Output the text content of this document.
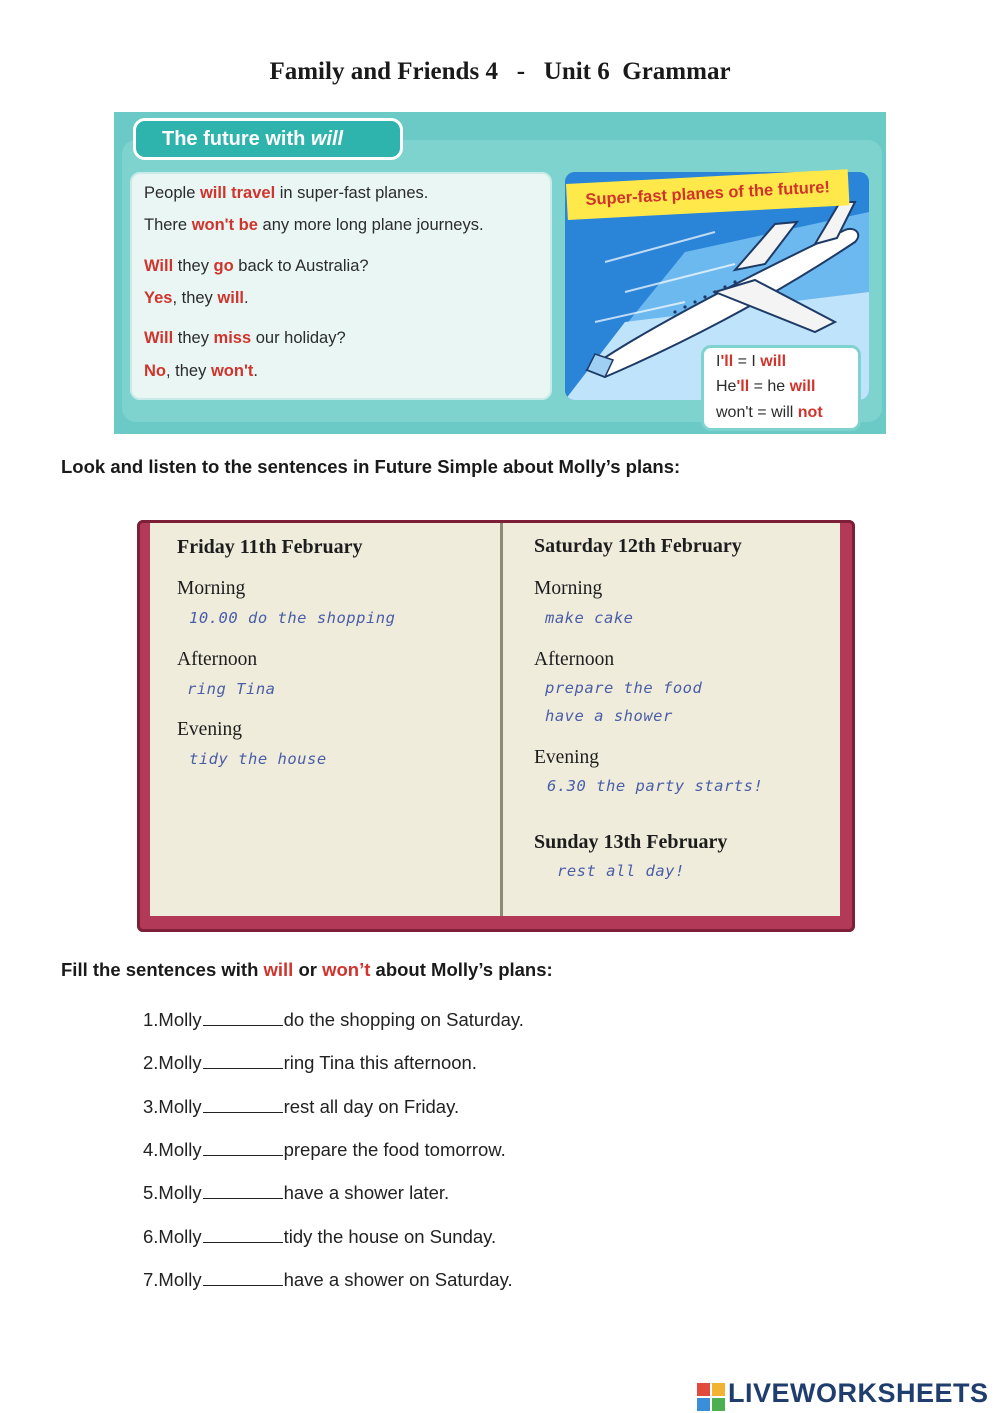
Family and Friends 4   -   Unit 6  Grammar
The future with will
People will travel in super-fast planes.
There won't be any more long plane journeys.
Will they go back to Australia?
Yes, they will.
Will they miss our holiday?
No, they won't.
Super-fast planes of the future!
I'll = I will
He'll = he will
won't = will not
Look and listen to the sentences in Future Simple about Molly’s plans:
Friday 11th February
Morning
10.00 do the shopping
Afternoon
ring Tina
Evening
tidy the house
Saturday 12th February
Morning
make cake
Afternoon
prepare the food
have a shower
Evening
6.30 the party starts!
Sunday 13th February
rest all day!
Fill the sentences with will or won’t about Molly’s plans:
1.Molly	do the shopping on Saturday.
2.Molly	ring Tina this afternoon.
3.Molly	rest all day on Friday.
4.Molly	prepare the food tomorrow.
5.Molly	have a shower later.
6.Molly	tidy the house on Sunday.
7.Molly	have a shower on Saturday.
LIVEWORKSHEETS
